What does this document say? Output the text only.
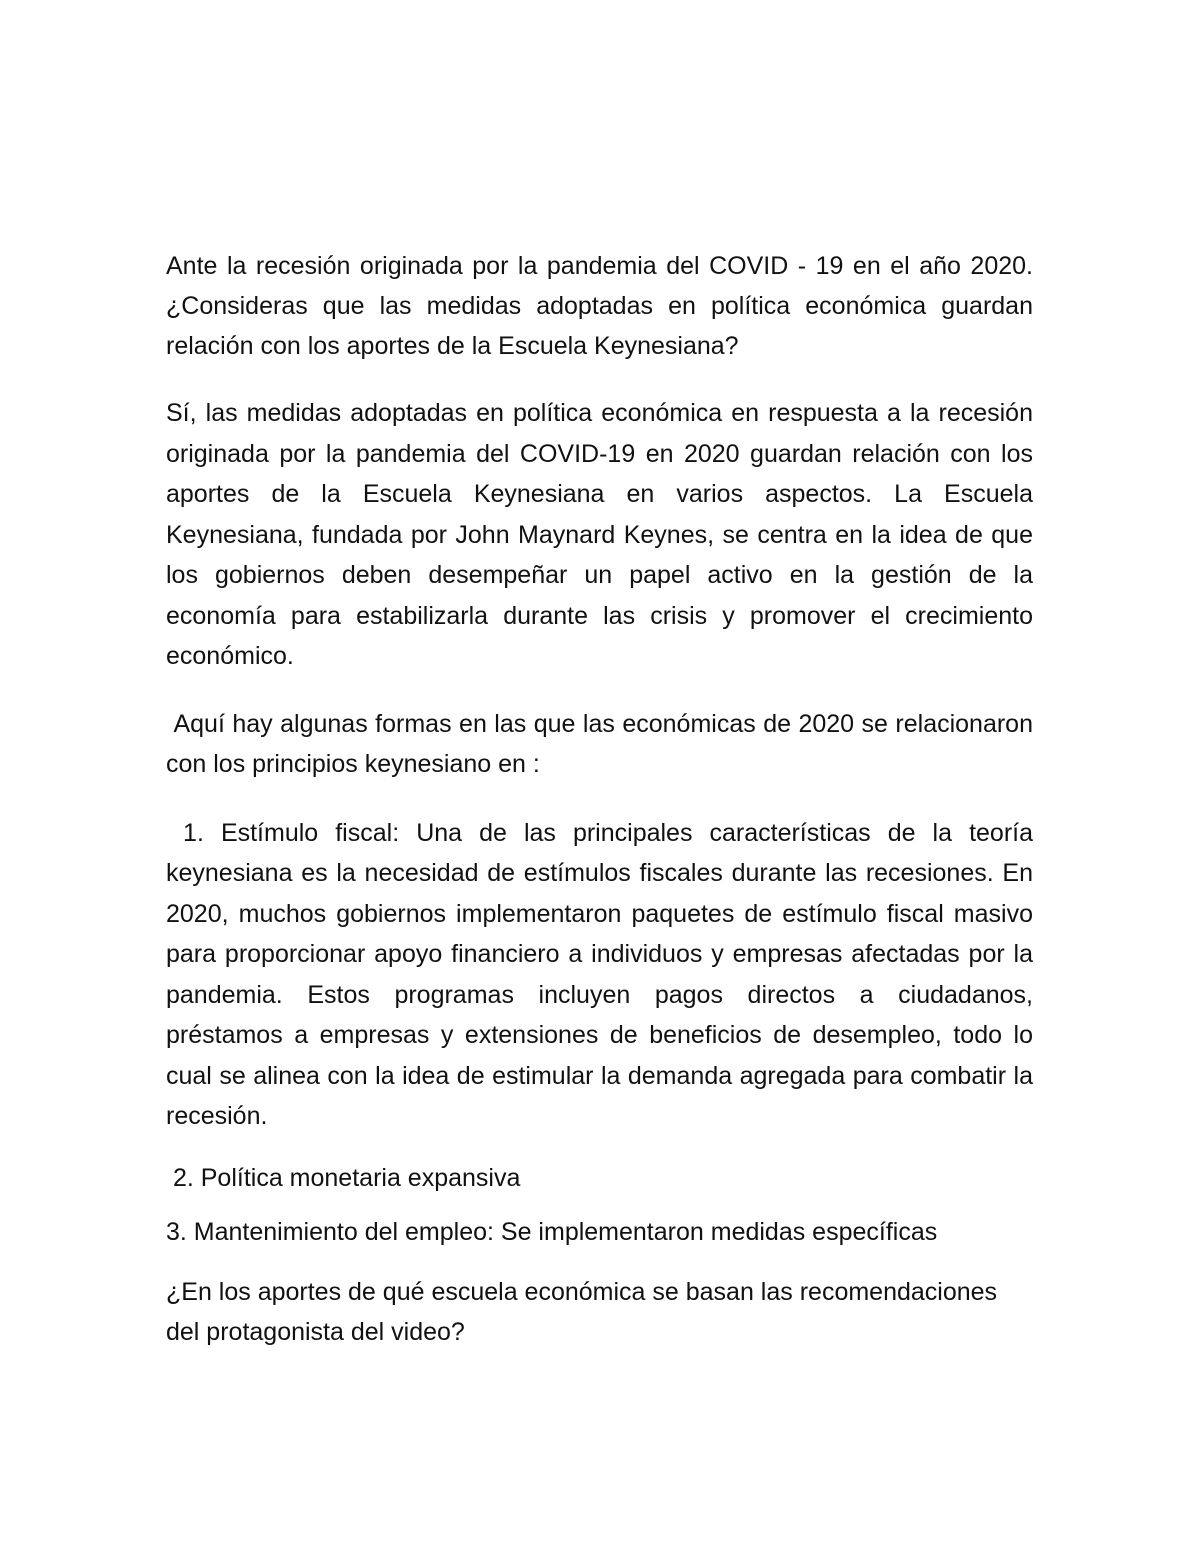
Ante la recesión originada por la pandemia del COVID - 19 en el año 2020. ¿Consideras que las medidas adoptadas en política económica guardan relación con los aportes de la Escuela Keynesiana?

Sí, las medidas adoptadas en política económica en respuesta a la recesión originada por la pandemia del COVID-19 en 2020 guardan relación con los aportes de la Escuela Keynesiana en varios aspectos. La Escuela Keynesiana, fundada por John Maynard Keynes, se centra en la idea de que los gobiernos deben desempeñar un papel activo en la gestión de la economía para estabilizarla durante las crisis y promover el crecimiento económico.

Aquí hay algunas formas en las que las económicas de 2020 se relacionaron con los principios keynesiano en :

1. Estímulo fiscal: Una de las principales características de la teoría keynesiana es la necesidad de estímulos fiscales durante las recesiones. En 2020, muchos gobiernos implementaron paquetes de estímulo fiscal masivo para proporcionar apoyo financiero a individuos y empresas afectadas por la pandemia. Estos programas incluyen pagos directos a ciudadanos, préstamos a empresas y extensiones de beneficios de desempleo, todo lo cual se alinea con la idea de estimular la demanda agregada para combatir la recesión.

2. Política monetaria expansiva

3. Mantenimiento del empleo: Se implementaron medidas específicas

¿En los aportes de qué escuela económica se basan las recomendaciones del protagonista del video?
